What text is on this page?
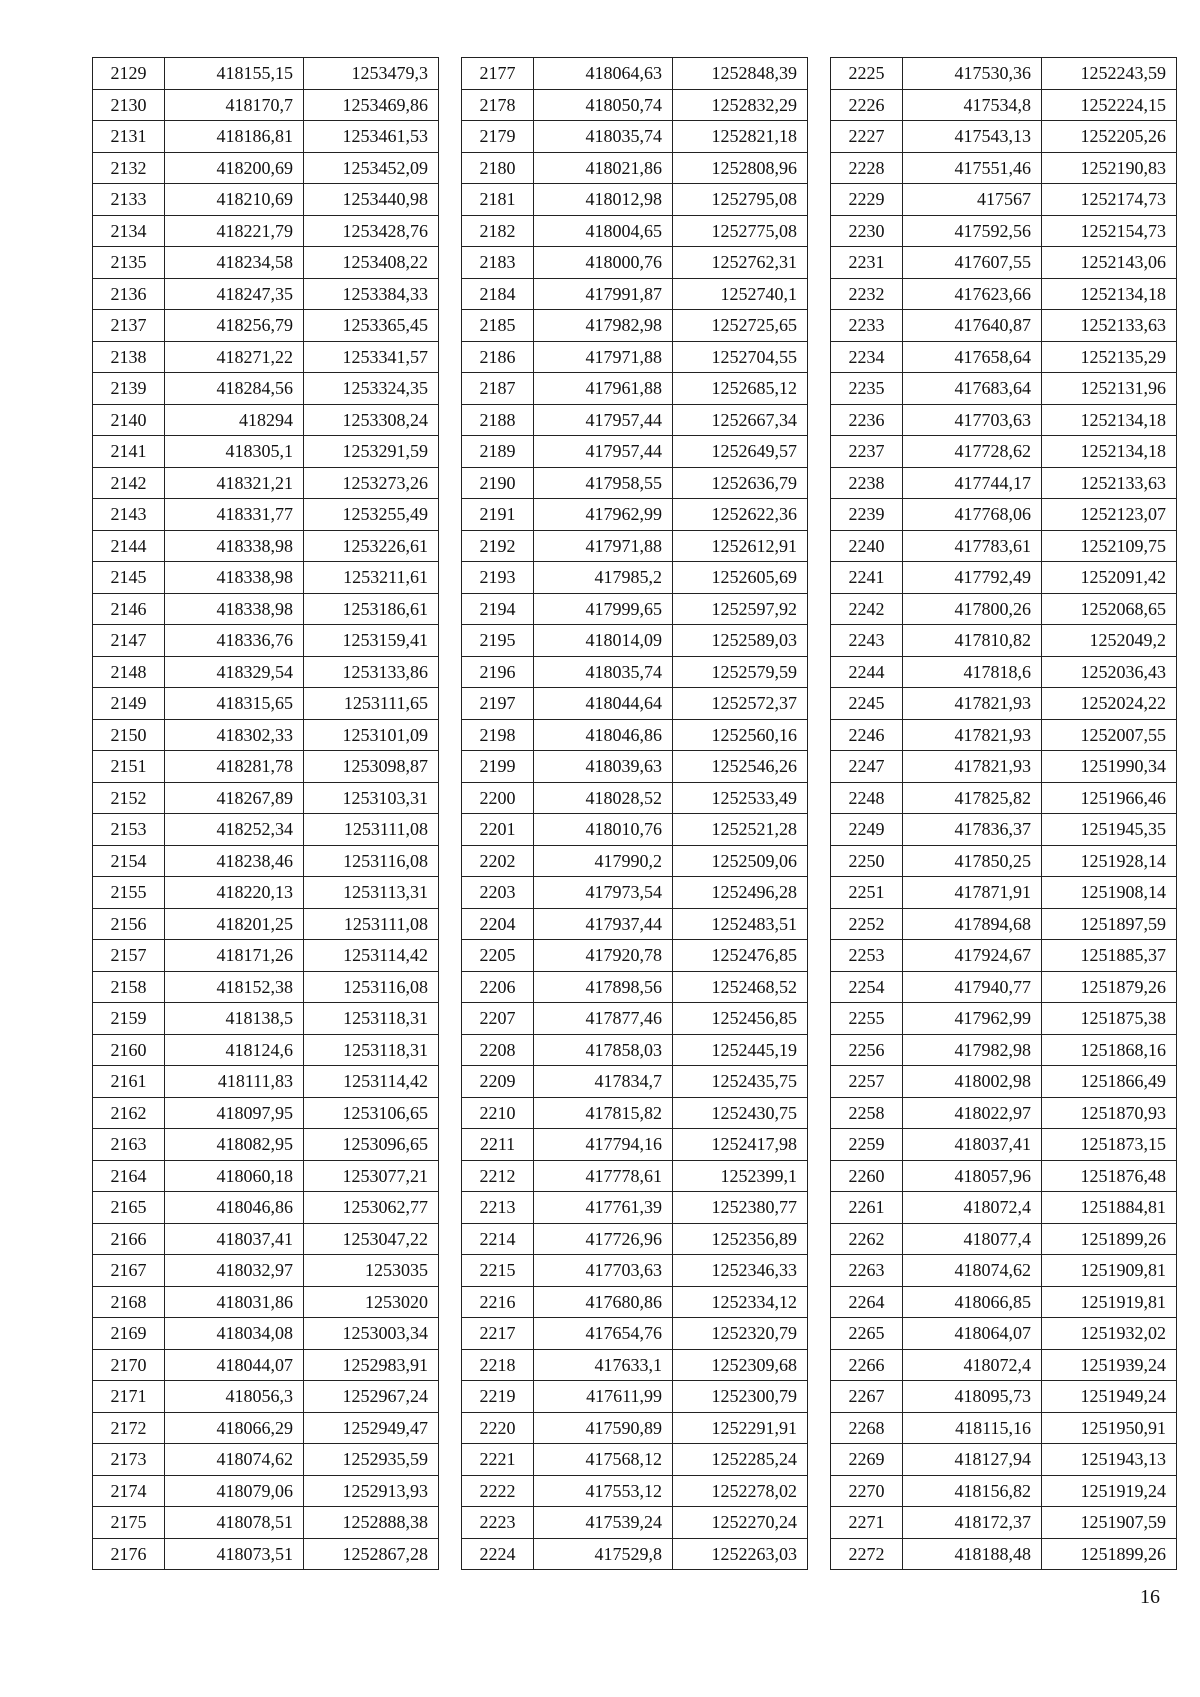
2129	418155,15	1253479,3
2130	418170,7	1253469,86
2131	418186,81	1253461,53
2132	418200,69	1253452,09
2133	418210,69	1253440,98
2134	418221,79	1253428,76
2135	418234,58	1253408,22
2136	418247,35	1253384,33
2137	418256,79	1253365,45
2138	418271,22	1253341,57
2139	418284,56	1253324,35
2140	418294	1253308,24
2141	418305,1	1253291,59
2142	418321,21	1253273,26
2143	418331,77	1253255,49
2144	418338,98	1253226,61
2145	418338,98	1253211,61
2146	418338,98	1253186,61
2147	418336,76	1253159,41
2148	418329,54	1253133,86
2149	418315,65	1253111,65
2150	418302,33	1253101,09
2151	418281,78	1253098,87
2152	418267,89	1253103,31
2153	418252,34	1253111,08
2154	418238,46	1253116,08
2155	418220,13	1253113,31
2156	418201,25	1253111,08
2157	418171,26	1253114,42
2158	418152,38	1253116,08
2159	418138,5	1253118,31
2160	418124,6	1253118,31
2161	418111,83	1253114,42
2162	418097,95	1253106,65
2163	418082,95	1253096,65
2164	418060,18	1253077,21
2165	418046,86	1253062,77
2166	418037,41	1253047,22
2167	418032,97	1253035
2168	418031,86	1253020
2169	418034,08	1253003,34
2170	418044,07	1252983,91
2171	418056,3	1252967,24
2172	418066,29	1252949,47
2173	418074,62	1252935,59
2174	418079,06	1252913,93
2175	418078,51	1252888,38
2176	418073,51	1252867,28
2177	418064,63	1252848,39
2178	418050,74	1252832,29
2179	418035,74	1252821,18
2180	418021,86	1252808,96
2181	418012,98	1252795,08
2182	418004,65	1252775,08
2183	418000,76	1252762,31
2184	417991,87	1252740,1
2185	417982,98	1252725,65
2186	417971,88	1252704,55
2187	417961,88	1252685,12
2188	417957,44	1252667,34
2189	417957,44	1252649,57
2190	417958,55	1252636,79
2191	417962,99	1252622,36
2192	417971,88	1252612,91
2193	417985,2	1252605,69
2194	417999,65	1252597,92
2195	418014,09	1252589,03
2196	418035,74	1252579,59
2197	418044,64	1252572,37
2198	418046,86	1252560,16
2199	418039,63	1252546,26
2200	418028,52	1252533,49
2201	418010,76	1252521,28
2202	417990,2	1252509,06
2203	417973,54	1252496,28
2204	417937,44	1252483,51
2205	417920,78	1252476,85
2206	417898,56	1252468,52
2207	417877,46	1252456,85
2208	417858,03	1252445,19
2209	417834,7	1252435,75
2210	417815,82	1252430,75
2211	417794,16	1252417,98
2212	417778,61	1252399,1
2213	417761,39	1252380,77
2214	417726,96	1252356,89
2215	417703,63	1252346,33
2216	417680,86	1252334,12
2217	417654,76	1252320,79
2218	417633,1	1252309,68
2219	417611,99	1252300,79
2220	417590,89	1252291,91
2221	417568,12	1252285,24
2222	417553,12	1252278,02
2223	417539,24	1252270,24
2224	417529,8	1252263,03
2225	417530,36	1252243,59
2226	417534,8	1252224,15
2227	417543,13	1252205,26
2228	417551,46	1252190,83
2229	417567	1252174,73
2230	417592,56	1252154,73
2231	417607,55	1252143,06
2232	417623,66	1252134,18
2233	417640,87	1252133,63
2234	417658,64	1252135,29
2235	417683,64	1252131,96
2236	417703,63	1252134,18
2237	417728,62	1252134,18
2238	417744,17	1252133,63
2239	417768,06	1252123,07
2240	417783,61	1252109,75
2241	417792,49	1252091,42
2242	417800,26	1252068,65
2243	417810,82	1252049,2
2244	417818,6	1252036,43
2245	417821,93	1252024,22
2246	417821,93	1252007,55
2247	417821,93	1251990,34
2248	417825,82	1251966,46
2249	417836,37	1251945,35
2250	417850,25	1251928,14
2251	417871,91	1251908,14
2252	417894,68	1251897,59
2253	417924,67	1251885,37
2254	417940,77	1251879,26
2255	417962,99	1251875,38
2256	417982,98	1251868,16
2257	418002,98	1251866,49
2258	418022,97	1251870,93
2259	418037,41	1251873,15
2260	418057,96	1251876,48
2261	418072,4	1251884,81
2262	418077,4	1251899,26
2263	418074,62	1251909,81
2264	418066,85	1251919,81
2265	418064,07	1251932,02
2266	418072,4	1251939,24
2267	418095,73	1251949,24
2268	418115,16	1251950,91
2269	418127,94	1251943,13
2270	418156,82	1251919,24
2271	418172,37	1251907,59
2272	418188,48	1251899,26
16
